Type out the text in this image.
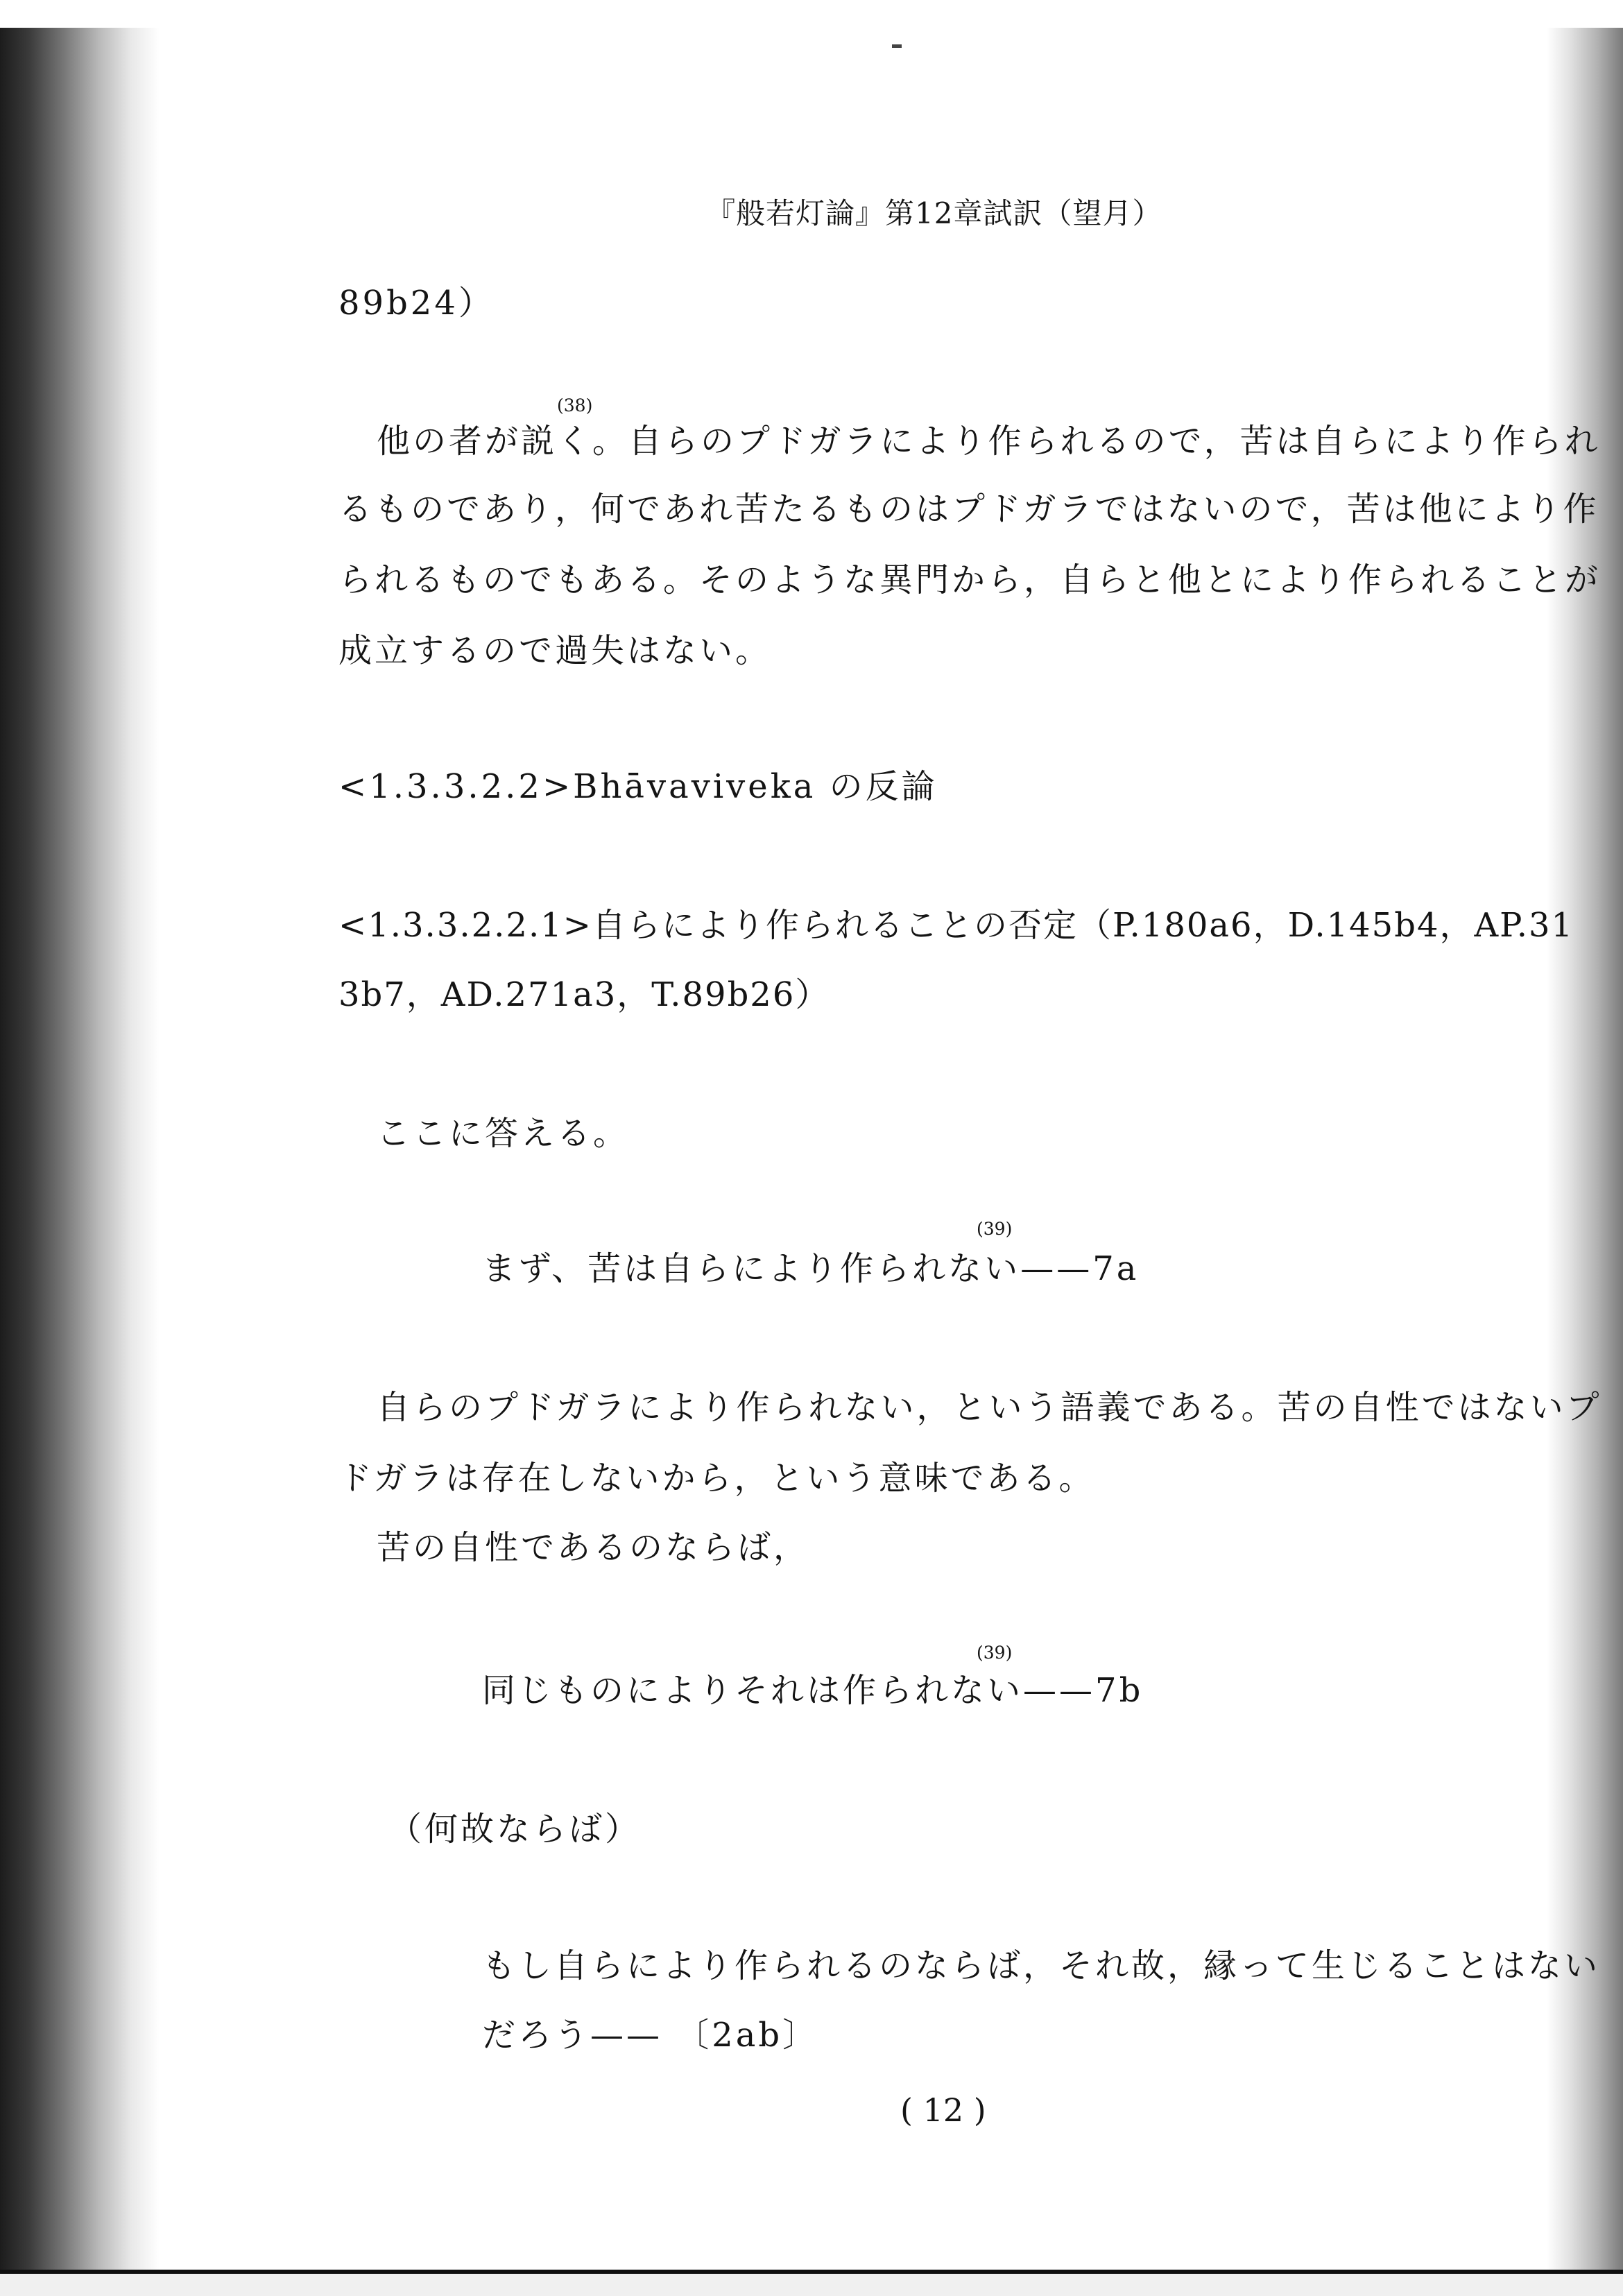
『般若灯論』第12章試訳（望月）
89b24）
(38)
他の者が説く。自らのプドガラにより作られるので，苦は自らにより作られ
るものであり，何であれ苦たるものはプドガラではないので，苦は他により作
られるものでもある。そのような異門から，自らと他とにより作られることが
成立するので過失はない。
<1.3.3.2.2>Bhāvaviveka の反論
<1.3.3.2.2.1>自らにより作られることの否定（P.180a6，D.145b4，AP.31
3b7，AD.271a3，T.89b26）
ここに答える。
(39)
まず、苦は自らにより作られない——7a
自らのプドガラにより作られない，という語義である。苦の自性ではないプ
ドガラは存在しないから，という意味である。
苦の自性であるのならば，
(39)
同じものによりそれは作られない——7b
（何故ならば）
もし自らにより作られるのならば，それ故，縁って生じることはない
だろう—— 〔2ab〕
( 12 )
